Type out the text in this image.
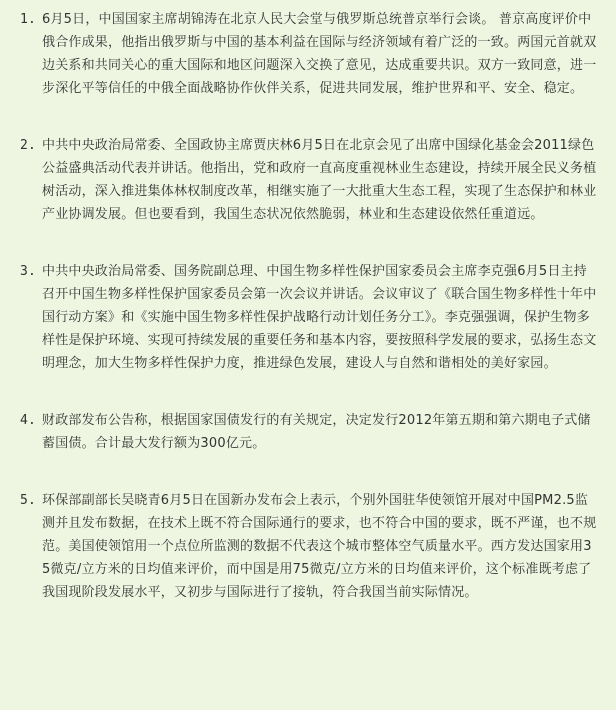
1. 6月5日，中国国家主席胡锦涛在北京人民大会堂与俄罗斯总统普京举行会谈。 普京高度评价中俄合作成果，他指出俄罗斯与中国的基本利益在国际与经济领域有着广泛的一致。两国元首就双边关系和共同关心的重大国际和地区问题深入交换了意见，达成重要共识。双方一致同意，进一步深化平等信任的中俄全面战略协作伙伴关系，促进共同发展，维护世界和平、安全、稳定。
2. 中共中央政治局常委、全国政协主席贾庆林6月5日在北京会见了出席中国绿化基金会2011绿色公益盛典活动代表并讲话。他指出，党和政府一直高度重视林业生态建设，持续开展全民义务植树活动，深入推进集体林权制度改革，相继实施了一大批重大生态工程，实现了生态保护和林业产业协调发展。但也要看到，我国生态状况依然脆弱，林业和生态建设依然任重道远。
3. 中共中央政治局常委、国务院副总理、中国生物多样性保护国家委员会主席李克强6月5日主持召开中国生物多样性保护国家委员会第一次会议并讲话。会议审议了《联合国生物多样性十年中国行动方案》和《实施中国生物多样性保护战略行动计划任务分工》。李克强强调，保护生物多样性是保护环境、实现可持续发展的重要任务和基本内容，要按照科学发展的要求，弘扬生态文明理念，加大生物多样性保护力度，推进绿色发展，建设人与自然和谐相处的美好家园。
4. 财政部发布公告称，根据国家国债发行的有关规定，决定发行2012年第五期和第六期电子式储蓄国债。合计最大发行额为300亿元。
5. 环保部副部长吴晓青6月5日在国新办发布会上表示，个别外国驻华使领馆开展对中国PM2.5监测并且发布数据，在技术上既不符合国际通行的要求，也不符合中国的要求，既不严谨，也不规范。美国使领馆用一个点位所监测的数据不代表这个城市整体空气质量水平。西方发达国家用35微克/立方米的日均值来评价，而中国是用75微克/立方米的日均值来评价，这个标准既考虑了我国现阶段发展水平，又初步与国际进行了接轨，符合我国当前实际情况。
